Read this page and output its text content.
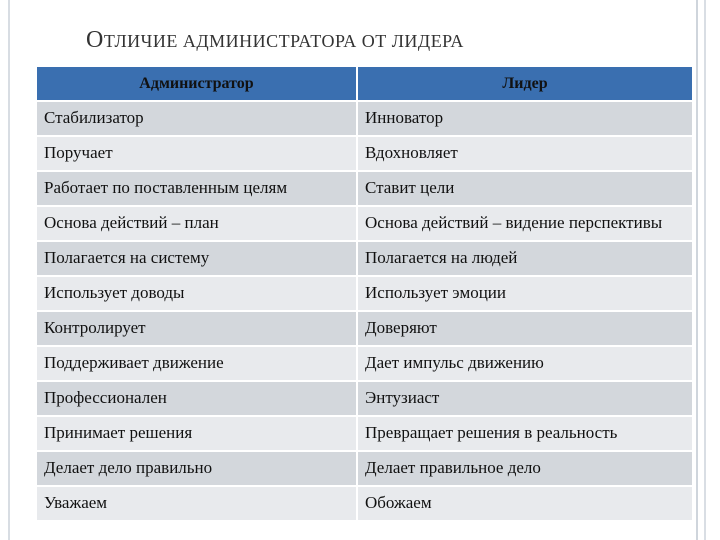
ОТЛИЧИЕ АДМИНИСТРАТОРА ОТ ЛИДЕРА
Администратор	Лидер
Стабилизатор	Инноватор
Поручает	Вдохновляет
Работает по поставленным целям	Ставит цели
Основа действий – план	Основа действий – видение перспективы
Полагается на систему	Полагается на людей
Использует доводы	Использует эмоции
Контролирует	Доверяют
Поддерживает движение	Дает импульс движению
Профессионален	Энтузиаст
Принимает решения	Превращает решения в реальность
Делает дело правильно	Делает правильное дело
Уважаем	Обожаем
